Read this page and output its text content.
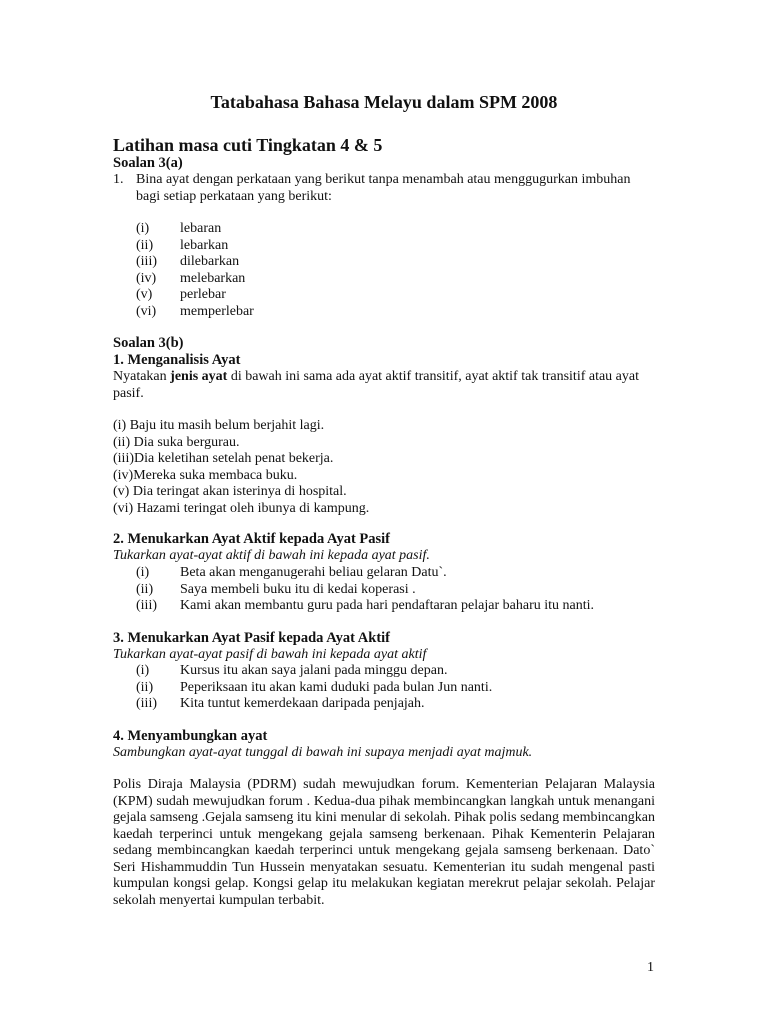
Tatabahasa Bahasa Melayu dalam SPM 2008
Latihan masa cuti Tingkatan 4 & 5
Soalan 3(a)
1. Bina ayat dengan perkataan yang berikut tanpa menambah atau menggugurkan imbuhan bagi setiap perkataan yang berikut:
(i) lebaran
(ii) lebarkan
(iii) dilebarkan
(iv) melebarkan
(v) perlebar
(vi) memperlebar
Soalan 3(b)
1. Menganalisis Ayat
Nyatakan jenis ayat di bawah ini sama ada ayat aktif transitif, ayat aktif tak transitif atau ayat pasif.
(i) Baju itu masih belum berjahit lagi.
(ii) Dia suka bergurau.
(iii)Dia keletihan setelah penat bekerja.
(iv)Mereka suka membaca buku.
(v) Dia teringat akan isterinya di hospital.
(vi) Hazami teringat oleh ibunya di kampung.
2. Menukarkan Ayat Aktif kepada Ayat Pasif
Tukarkan ayat-ayat aktif di bawah ini kepada ayat pasif.
(i) Beta akan menganugerahi beliau gelaran Datu`.
(ii) Saya membeli buku itu di kedai koperasi .
(iii) Kami akan membantu guru pada hari pendaftaran pelajar baharu itu nanti.
3. Menukarkan Ayat Pasif kepada Ayat Aktif
Tukarkan ayat-ayat pasif di bawah ini kepada ayat aktif
(i) Kursus itu akan saya jalani pada minggu depan.
(ii) Peperiksaan itu akan kami duduki pada bulan Jun nanti.
(iii) Kita tuntut kemerdekaan daripada penjajah.
4. Menyambungkan ayat
Sambungkan ayat-ayat tunggal di bawah ini supaya menjadi ayat majmuk.
Polis Diraja Malaysia (PDRM) sudah mewujudkan forum. Kementerian Pelajaran Malaysia (KPM) sudah mewujudkan forum . Kedua-dua pihak membincangkan langkah untuk menangani gejala samseng .Gejala samseng itu kini menular di sekolah. Pihak polis sedang membincangkan kaedah terperinci untuk mengekang gejala samseng berkenaan. Pihak Kementerin Pelajaran sedang membincangkan kaedah terperinci untuk mengekang gejala samseng berkenaan. Dato` Seri Hishammuddin Tun Hussein menyatakan sesuatu. Kementerian itu sudah mengenal pasti kumpulan kongsi gelap. Kongsi gelap itu melakukan kegiatan merekrut pelajar sekolah. Pelajar sekolah menyertai kumpulan terbabit.
1
